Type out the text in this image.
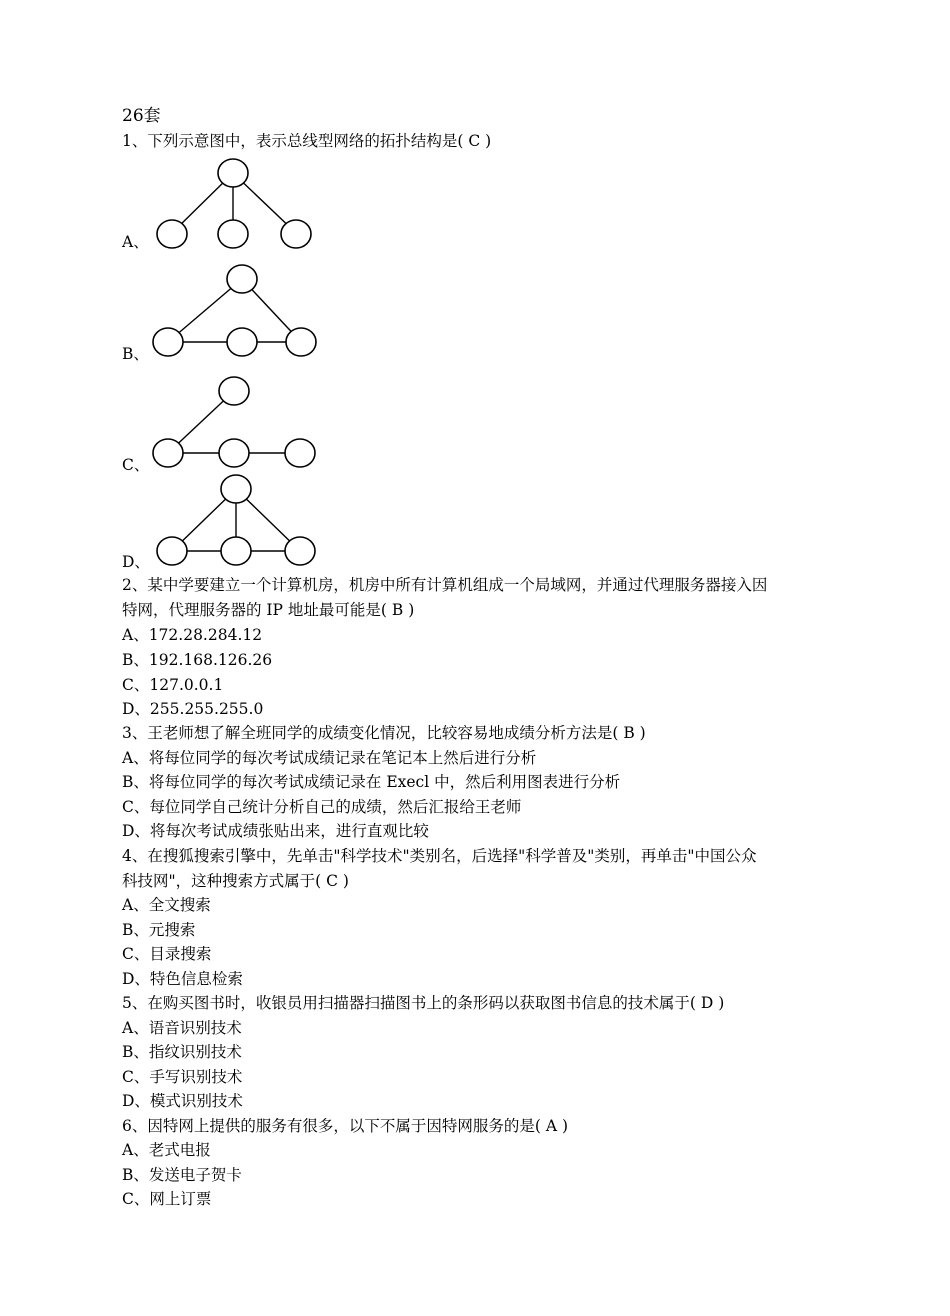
26套
1、下列示意图中，表示总线型网络的拓扑结构是( C )
A、
B、
C、
D、
2、某中学要建立一个计算机房，机房中所有计算机组成一个局域网，并通过代理服务器接入因
特网，代理服务器的 IP 地址最可能是( B )
A、172.28.284.12
B、192.168.126.26
C、127.0.0.1
D、255.255.255.0
3、王老师想了解全班同学的成绩变化情况，比较容易地成绩分析方法是( B )
A、将每位同学的每次考试成绩记录在笔记本上然后进行分析
B、将每位同学的每次考试成绩记录在 Execl 中，然后利用图表进行分析
C、每位同学自己统计分析自己的成绩，然后汇报给王老师
D、将每次考试成绩张贴出来，进行直观比较
4、在搜狐搜索引擎中，先单击"科学技术"类别名，后选择"科学普及"类别，再单击"中国公众
科技网"，这种搜索方式属于( C )
A、全文搜索
B、元搜索
C、目录搜索
D、特色信息检索
5、在购买图书时，收银员用扫描器扫描图书上的条形码以获取图书信息的技术属于( D )
A、语音识别技术
B、指纹识别技术
C、手写识别技术
D、模式识别技术
6、因特网上提供的服务有很多，以下不属于因特网服务的是( A )
A、老式电报
B、发送电子贺卡
C、网上订票
